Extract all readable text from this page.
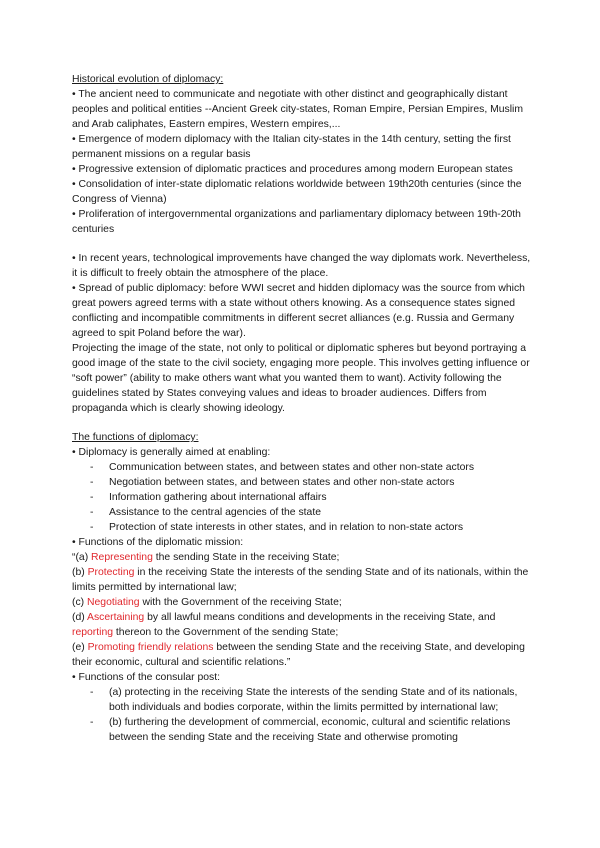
Historical evolution of diplomacy:

• The ancient need to communicate and negotiate with other distinct and geographically distant peoples and political entities --Ancient Greek city-states, Roman Empire, Persian Empires, Muslim and Arab caliphates, Eastern empires, Western empires,...

• Emergence of modern diplomacy with the Italian city-states in the 14th century, setting the first permanent missions on a regular basis

• Progressive extension of diplomatic practices and procedures among modern European states

• Consolidation of inter-state diplomatic relations worldwide between 19th20th centuries (since the Congress of Vienna)

• Proliferation of intergovernmental organizations and parliamentary diplomacy between 19th-20th centuries

• In recent years, technological improvements have changed the way diplomats work. Nevertheless, it is difficult to freely obtain the atmosphere of the place.

• Spread of public diplomacy: before WWI secret and hidden diplomacy was the source from which great powers agreed terms with a state without others knowing. As a consequence states signed conflicting and incompatible commitments in different secret alliances (e.g. Russia and Germany agreed to spit Poland before the war).

Projecting the image of the state, not only to political or diplomatic spheres but beyond portraying a good image of the state to the civil society, engaging more people. This involves getting influence or “soft power” (ability to make others want what you wanted them to want). Activity following the guidelines stated by States conveying values and ideas to broader audiences. Differs from propaganda which is clearly showing ideology.

The functions of diplomacy:

• Diplomacy is generally aimed at enabling:

- Communication between states, and between states and other non-state actors
- Negotiation between states, and between states and other non-state actors
- Information gathering about international affairs
- Assistance to the central agencies of the state
- Protection of state interests in other states, and in relation to non-state actors

• Functions of the diplomatic mission:

“(a) Representing the sending State in the receiving State;

(b) Protecting in the receiving State the interests of the sending State and of its nationals, within the limits permitted by international law;

(c) Negotiating with the Government of the receiving State;

(d) Ascertaining by all lawful means conditions and developments in the receiving State, and reporting thereon to the Government of the sending State;

(e) Promoting friendly relations between the sending State and the receiving State, and developing their economic, cultural and scientific relations.”

• Functions of the consular post:

- (a) protecting in the receiving State the interests of the sending State and of its nationals, both individuals and bodies corporate, within the limits permitted by international law;
- (b) furthering the development of commercial, economic, cultural and scientific relations between the sending State and the receiving State and otherwise promoting
